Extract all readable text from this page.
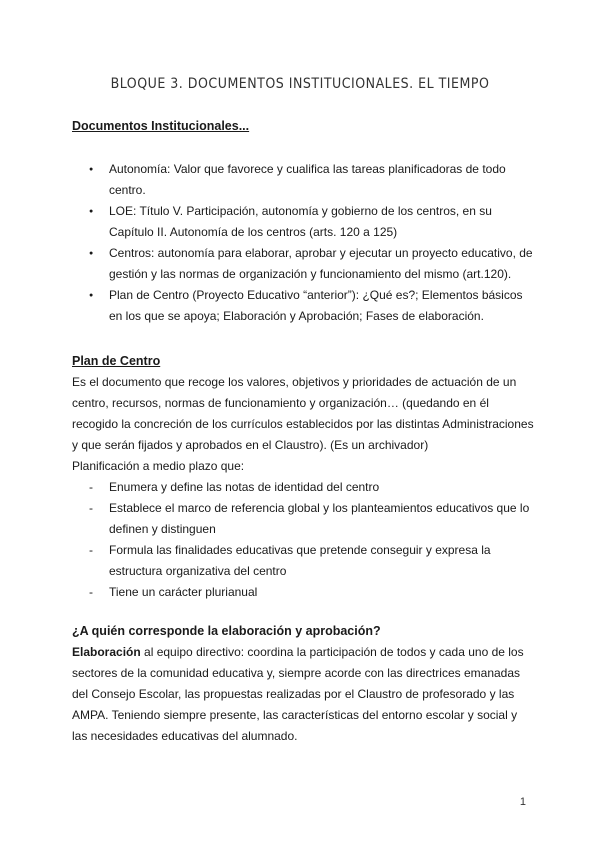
BLOQUE 3. DOCUMENTOS INSTITUCIONALES. EL TIEMPO
Documentos Institucionales...
● Autonomía: Valor que favorece y cualifica las tareas planificadoras de todo centro.
● LOE: Título V. Participación, autonomía y gobierno de los centros, en su Capítulo II. Autonomía de los centros (arts. 120 a 125)
● Centros: autonomía para elaborar, aprobar y ejecutar un proyecto educativo, de gestión y las normas de organización y funcionamiento del mismo (art.120).
● Plan de Centro (Proyecto Educativo “anterior”): ¿Qué es?; Elementos básicos en los que se apoya; Elaboración y Aprobación; Fases de elaboración.
Plan de Centro

Es el documento que recoge los valores, objetivos y prioridades de actuación de un centro, recursos, normas de funcionamiento y organización… (quedando en él recogido la concreción de los currículos establecidos por las distintas Administraciones y que serán fijados y aprobados en el Claustro). (Es un archivador)

Planificación a medio plazo que:

- Enumera y define las notas de identidad del centro
- Establece el marco de referencia global y los planteamientos educativos que lo definen y distinguen
- Formula las finalidades educativas que pretende conseguir y expresa la estructura organizativa del centro
- Tiene un carácter plurianual
¿A quién corresponde la elaboración y aprobación?

Elaboración al equipo directivo: coordina la participación de todos y cada uno de los sectores de la comunidad educativa y, siempre acorde con las directrices emanadas del Consejo Escolar, las propuestas realizadas por el Claustro de profesorado y las AMPA. Teniendo siempre presente, las características del entorno escolar y social y las necesidades educativas del alumnado.

1
